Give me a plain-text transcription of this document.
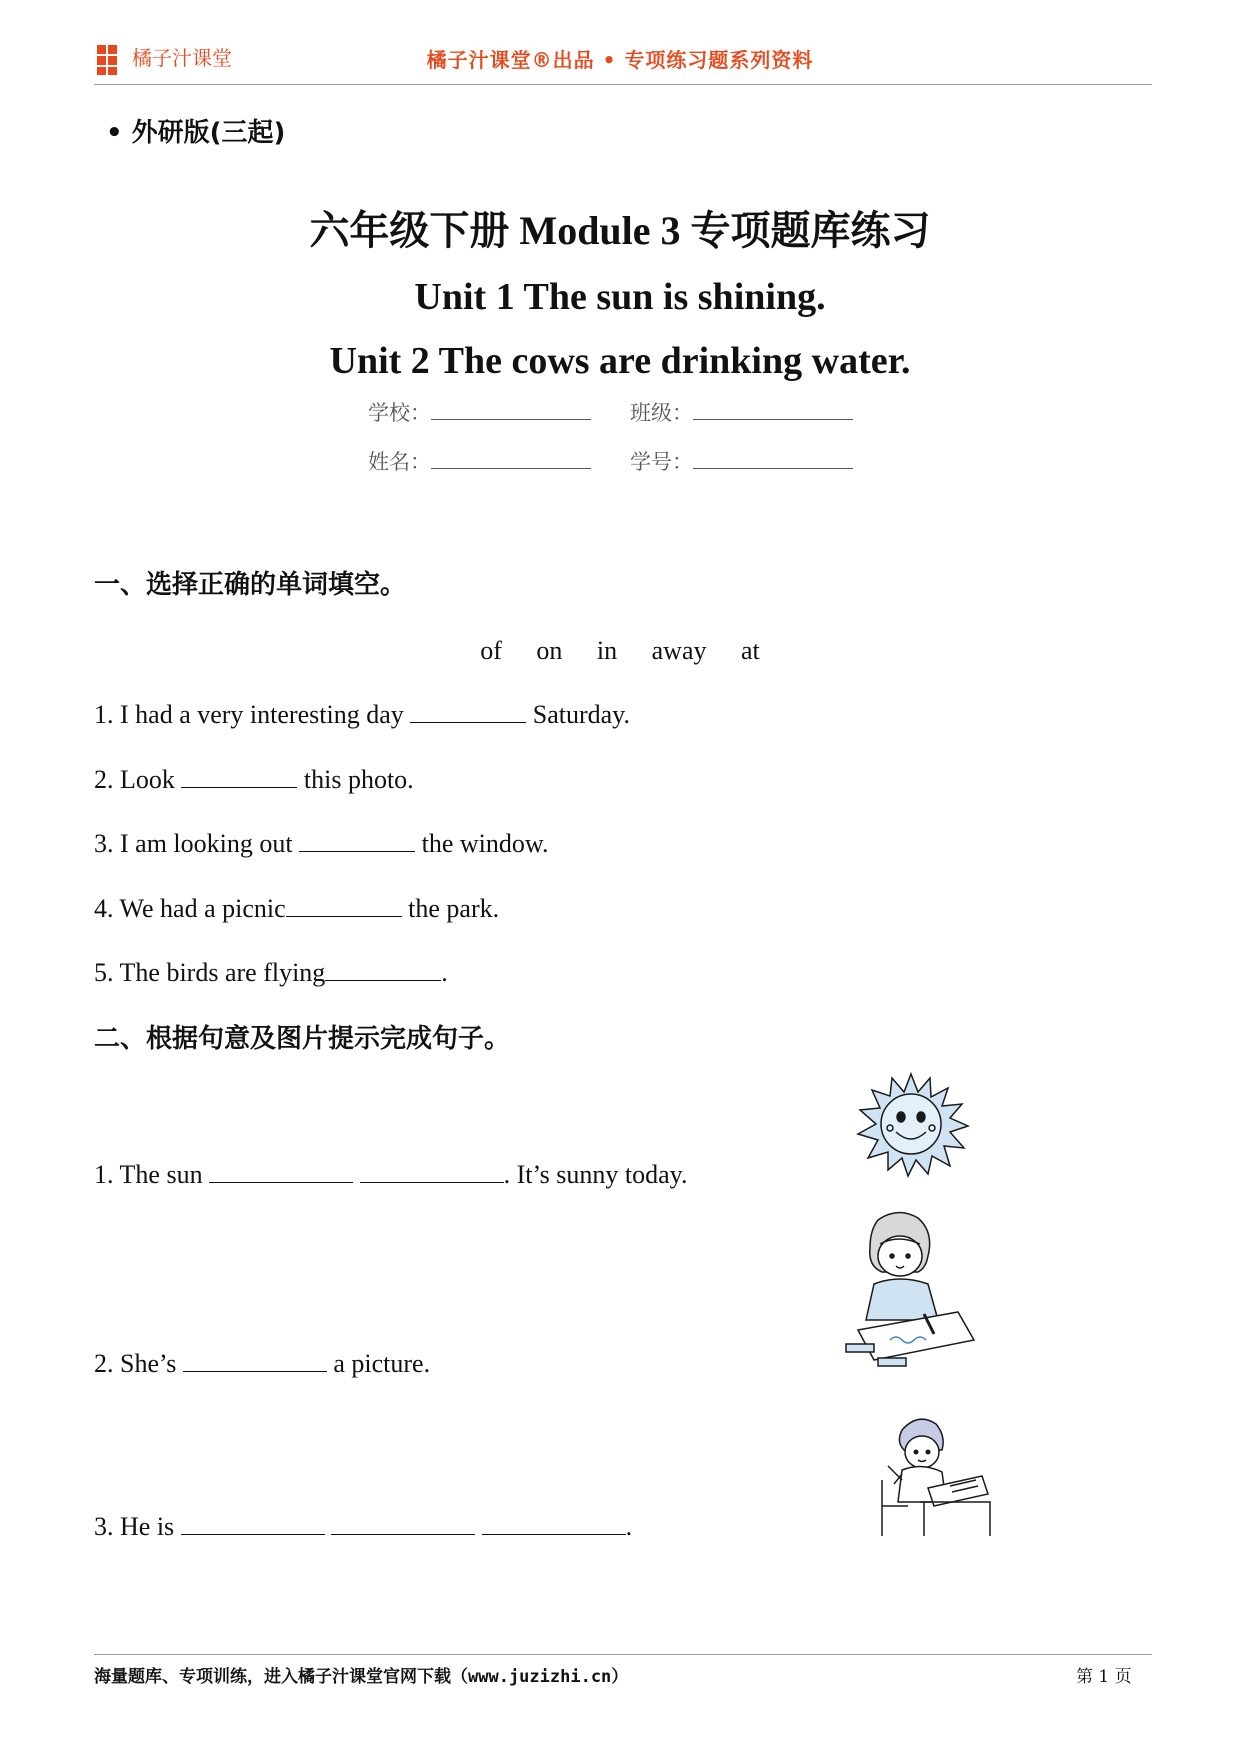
橘子汁课堂	橘子汁课堂®出品 • 专项练习题系列资料
• 外研版(三起)
六年级下册 Module 3 专项题库练习
Unit 1 The sun is shining.
Unit 2 The cows are drinking water.
学校：	班级：
姓名：	学号：
一、选择正确的单词填空。
of on in away at
1. I had a very interesting day	Saturday.
2. Look	this photo.
3. I am looking out	the window.
4. We had a picnic	the park.
5. The birds are flying	.
二、根据句意及图片提示完成句子。
1. The sun	. It’s sunny today.
2. She’s	a picture.
3. He is	.
海量题库、专项训练，进入橘子汁课堂官网下载（www.juzizhi.cn）	第 1 页
